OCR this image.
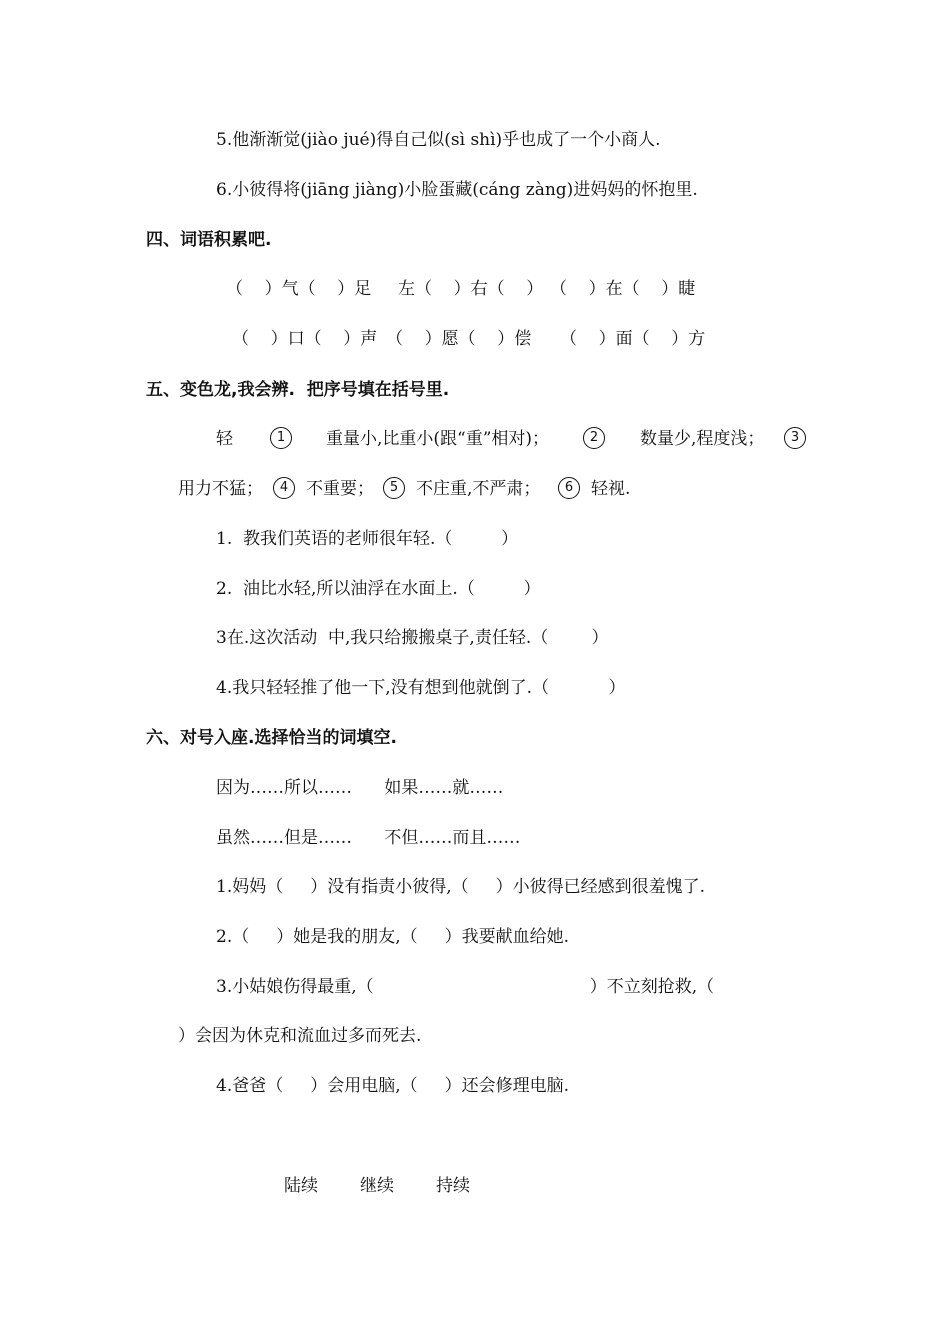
5.他渐渐觉(jiào jué)得自己似(sì shì)乎也成了一个小商人.
6.小彼得将(jiāng jiàng)小脸蛋藏(cáng zàng)进妈妈的怀抱里.
四、词语积累吧.
（    ）气（    ）足 左（    ）右（    ） （    ）在（    ）睫
（    ）口（    ）声 （    ）愿（    ）偿 （    ）面（    ）方
五、变色龙,我会辨.  把序号填在括号里.
轻	1	重量小,比重小(跟“重”相对)；	2	数量少,程度浅；	3
用力不猛；	4	不重要；	5	不庄重,不严肃；	6	轻视.
1.  教我们英语的老师很年轻.（         ）
2.  油比水轻,所以油浮在水面上.（         ）
3在.这次活动  中,我只给搬搬桌子,责任轻.（        ）
4.我只轻轻推了他一下,没有想到他就倒了.（           ）
六、对号入座.选择恰当的词填空.
因为……所以……      如果……就……
虽然……但是……      不但……而且……
1.妈妈（     ）没有指责小彼得,（     ）小彼得已经感到很羞愧了.
2.（     ）她是我的朋友,（     ）我要献血给她.
3.小姑娘伤得最重,（                                        ）不立刻抢救,（
）会因为休克和流血过多而死去.
4.爸爸（     ）会用电脑,（     ）还会修理电脑.
陆续 继续 持续
